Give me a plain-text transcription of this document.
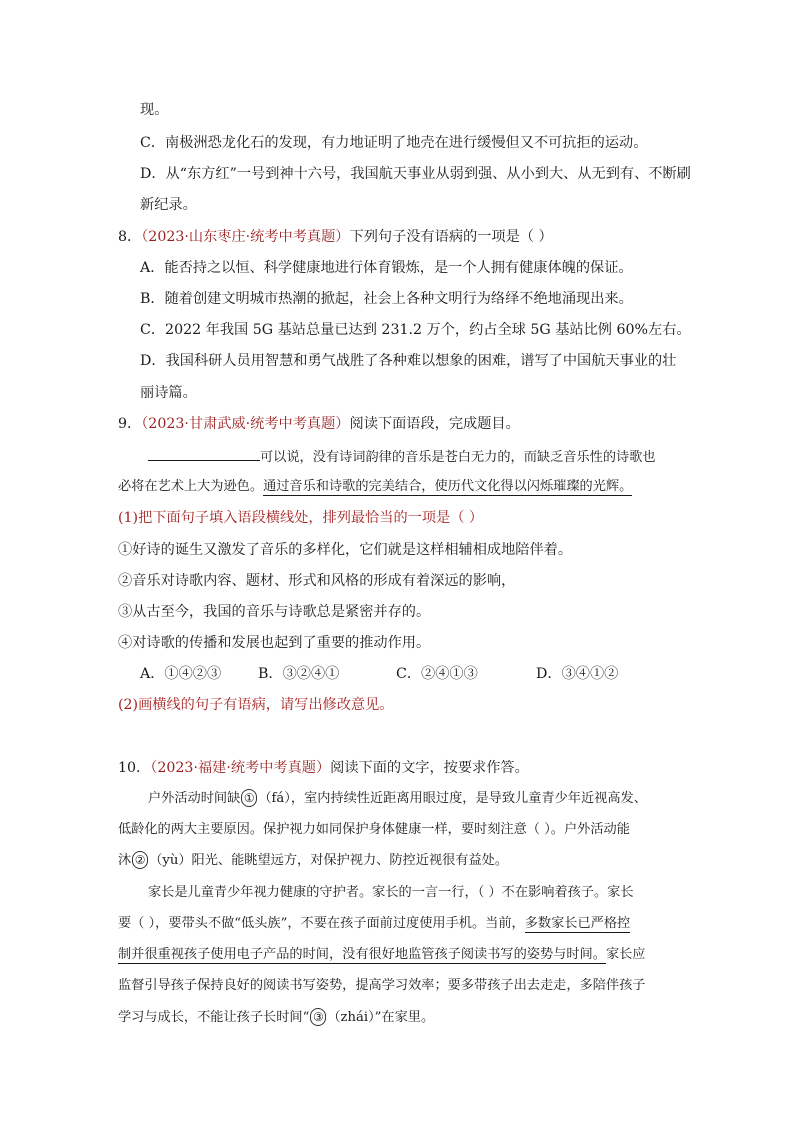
现。
C．南极洲恐龙化石的发现，有力地证明了地壳在进行缓慢但又不可抗拒的运动。
D．从“东方红”一号到神十六号，我国航天事业从弱到强、从小到大、从无到有、不断刷
新纪录。
8．（2023·山东枣庄·统考中考真题）下列句子没有语病的一项是（ ）
A．能否持之以恒、科学健康地进行体育锻炼，是一个人拥有健康体魄的保证。
B．随着创建文明城市热潮的掀起，社会上各种文明行为络绎不绝地涌现出来。
C．2022 年我国 5G 基站总量已达到 231.2 万个，约占全球 5G 基站比例 60%左右。
D．我国科研人员用智慧和勇气战胜了各种难以想象的困难，谱写了中国航天事业的壮
丽诗篇。
9．（2023·甘肃武威·统考中考真题）阅读下面语段，完成题目。
可以说，没有诗词韵律的音乐是苍白无力的，而缺乏音乐性的诗歌也
必将在艺术上大为逊色。通过音乐和诗歌的完美结合，使历代文化得以闪烁璀璨的光辉。
(1)把下面句子填入语段横线处，排列最恰当的一项是（ ）
①好诗的诞生又激发了音乐的多样化，它们就是这样相辅相成地陪伴着。
②音乐对诗歌内容、题材、形式和风格的形成有着深远的影响，
③从古至今，我国的音乐与诗歌总是紧密并存的。
④对诗歌的传播和发展也起到了重要的推动作用。
A．①④②③	B．③②④①	C．②④①③	D．③④①②
(2)画横线的句子有语病，请写出修改意见。
10．（2023·福建·统考中考真题）阅读下面的文字，按要求作答。
户外活动时间缺 ① （fá），室内持续性近距离用眼过度，是导致儿童青少年近视高发、
低龄化的两大主要原因。保护视力如同保护身体健康一样，要时刻注意（ ）。户外活动能
沐 ② （yù）阳光、能眺望远方，对保护视力、防控近视很有益处。
家长是儿童青少年视力健康的守护者。家长的一言一行，（ ）不在影响着孩子。家长
要（ ），要带头不做“低头族”，不要在孩子面前过度使用手机。当前，多数家长已严格控
制并很重视孩子使用电子产品的时间，没有很好地监管孩子阅读书写的姿势与时间。家长应
监督引导孩子保持良好的阅读书写姿势，提高学习效率；要多带孩子出去走走，多陪伴孩子
学习与成长，不能让孩子长时间“ ③ （zhái）”在家里。
